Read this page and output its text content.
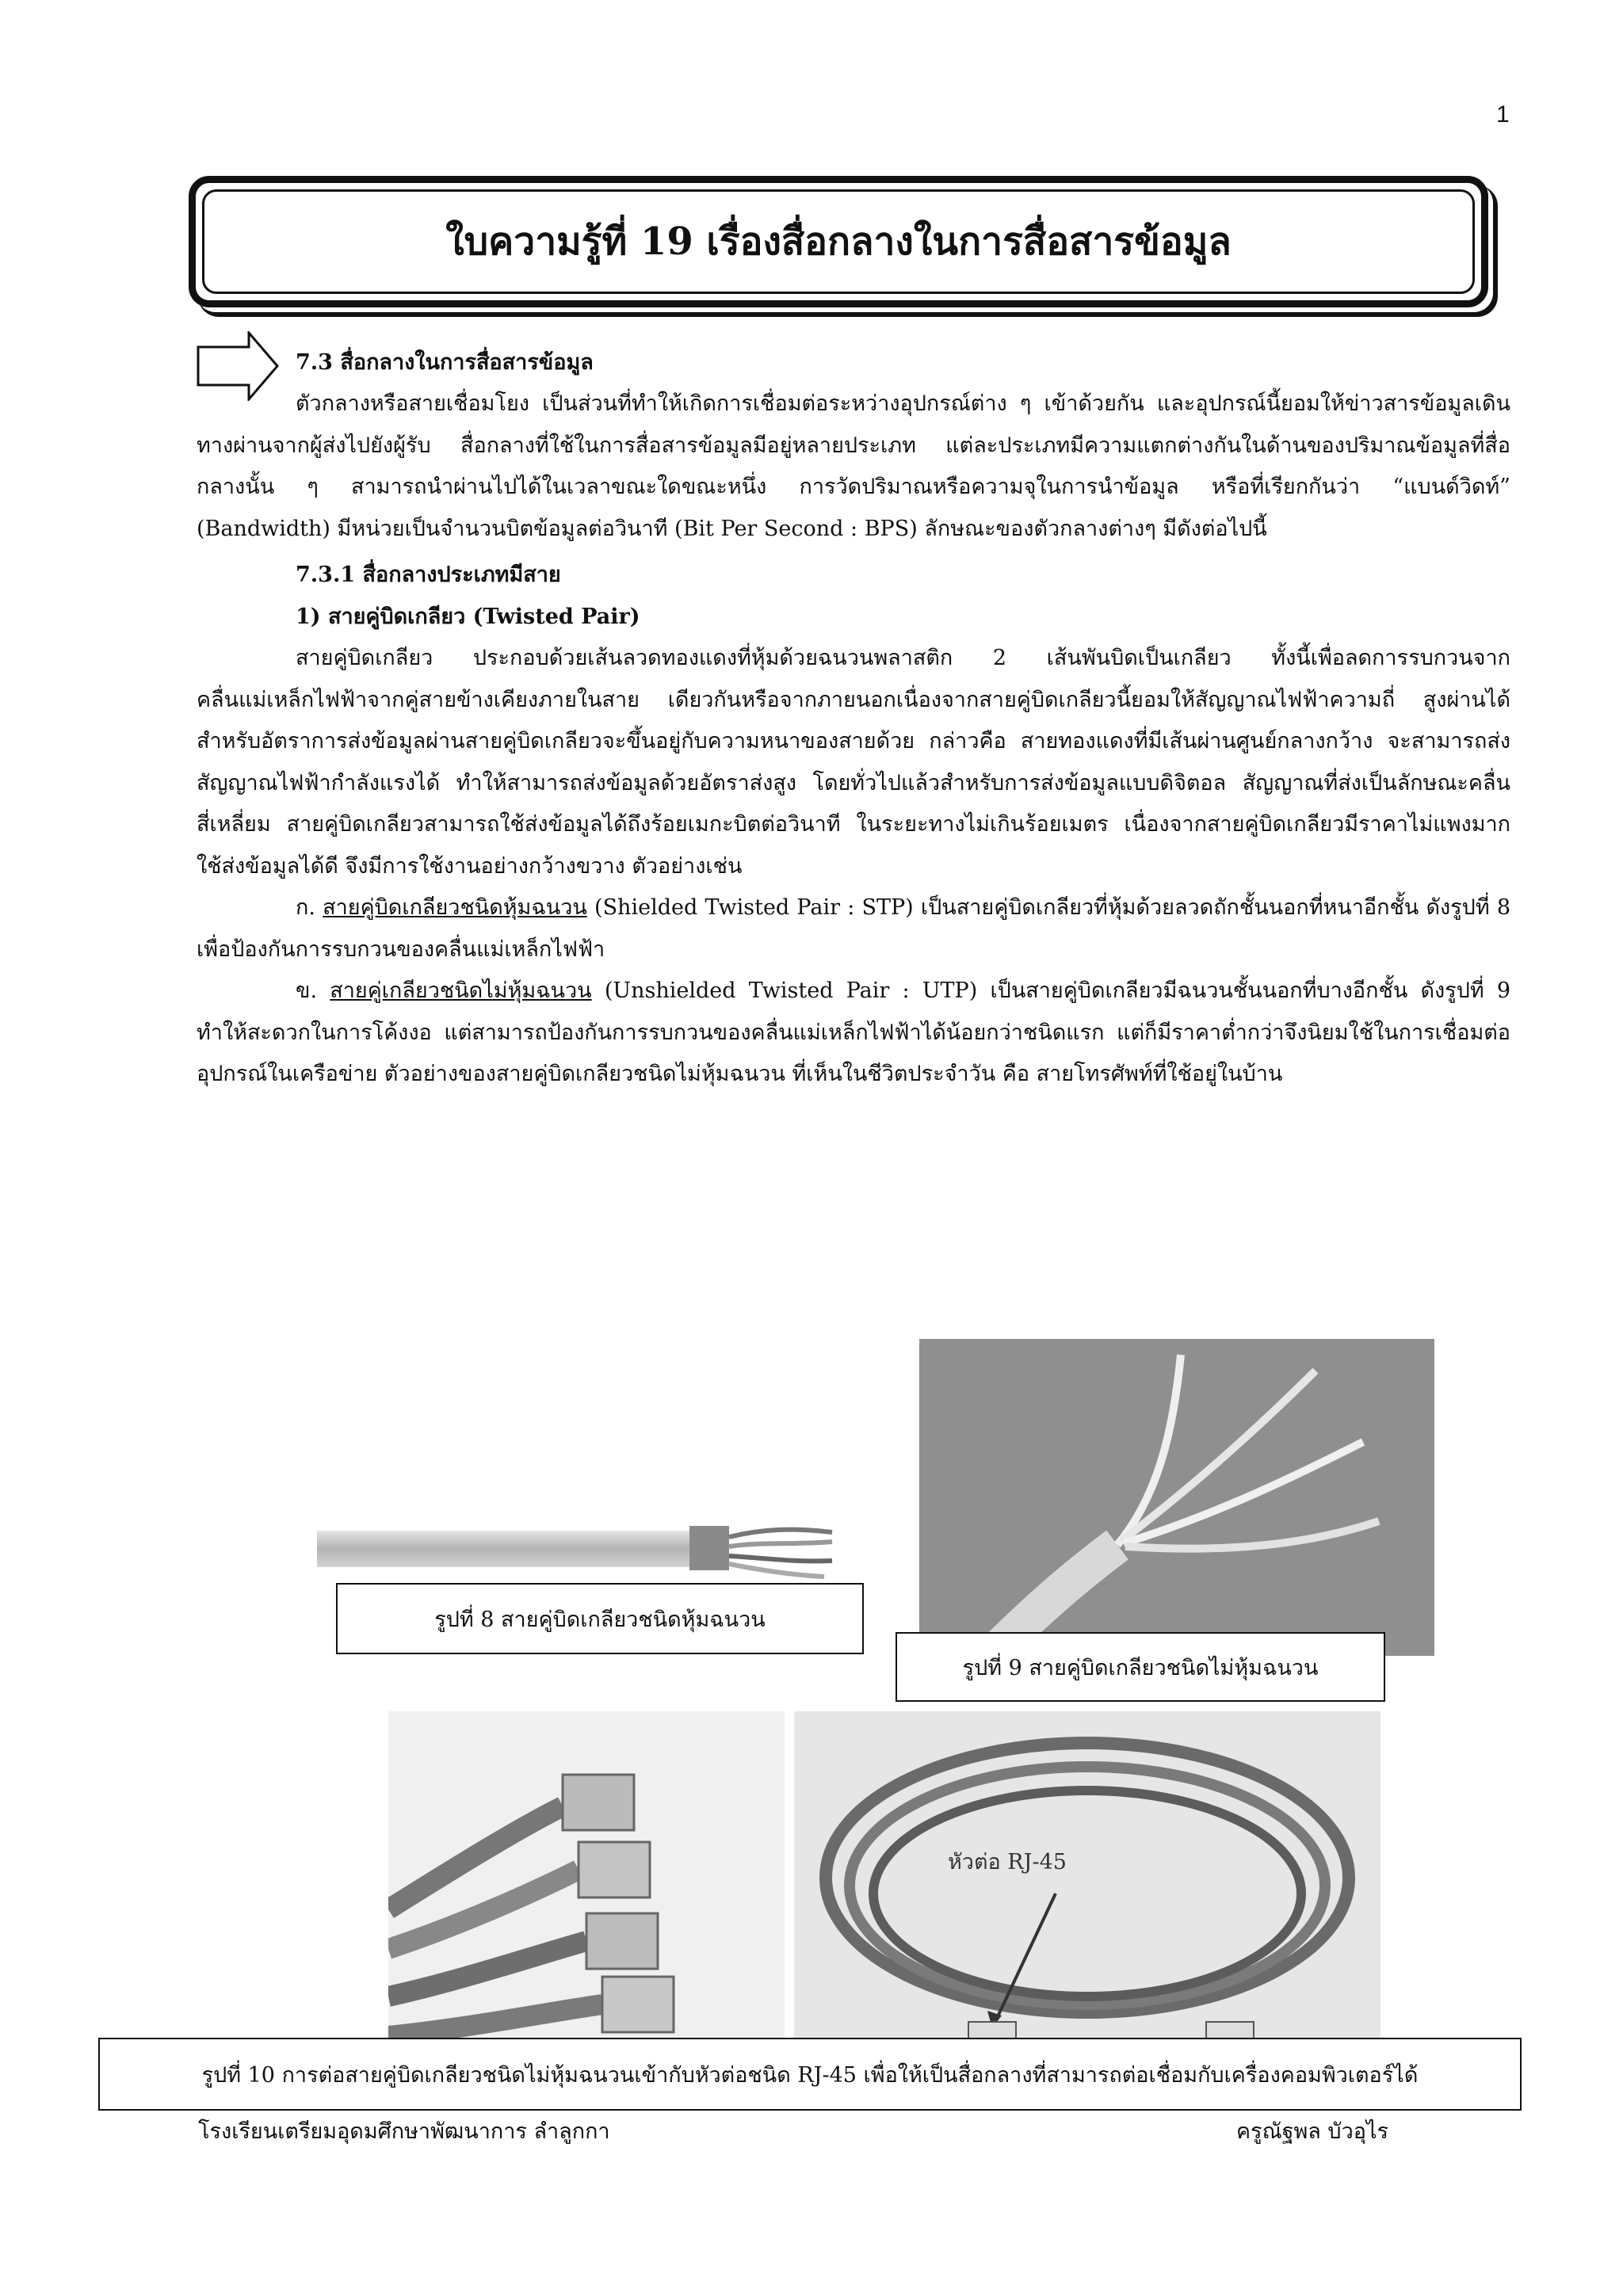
1
ใบความรู้ที่ 19 เรื่องสื่อกลางในการสื่อสารข้อมูล
7.3 สื่อกลางในการสื่อสารข้อมูล
ตัวกลางหรือสายเชื่อมโยง เป็นส่วนที่ทำให้เกิดการเชื่อมต่อระหว่างอุปกรณ์ต่าง ๆ เข้าด้วยกัน และอุปกรณ์นี้ยอมให้ข่าวสารข้อมูลเดินทางผ่านจากผู้ส่งไปยังผู้รับ สื่อกลางที่ใช้ในการสื่อสารข้อมูลมีอยู่หลายประเภท แต่ละประเภทมีความแตกต่างกันในด้านของปริมาณข้อมูลที่สื่อกลางนั้น ๆ สามารถนำผ่านไปได้ในเวลาขณะใดขณะหนึ่ง การวัดปริมาณหรือความจุในการนำข้อมูล หรือที่เรียกกันว่า “แบนด์วิดท์” (Bandwidth) มีหน่วยเป็นจำนวนบิตข้อมูลต่อวินาที (Bit Per Second : BPS) ลักษณะของตัวกลางต่างๆ มีดังต่อไปนี้
7.3.1 สื่อกลางประเภทมีสาย
1) สายคู่บิดเกลียว (Twisted Pair)
สายคู่บิดเกลียว ประกอบด้วยเส้นลวดทองแดงที่หุ้มด้วยฉนวนพลาสติก 2 เส้นพันบิดเป็นเกลียว ทั้งนี้เพื่อลดการรบกวนจากคลื่นแม่เหล็กไฟฟ้าจากคู่สายข้างเคียงภายในสาย เดียวกันหรือจากภายนอกเนื่องจากสายคู่บิดเกลียวนี้ยอมให้สัญญาณไฟฟ้าความถี่ สูงผ่านได้ สำหรับอัตราการส่งข้อมูลผ่านสายคู่บิดเกลียวจะขึ้นอยู่กับความหนาของสายด้วย กล่าวคือ สายทองแดงที่มีเส้นผ่านศูนย์กลางกว้าง จะสามารถส่งสัญญาณไฟฟ้ากำลังแรงได้ ทำให้สามารถส่งข้อมูลด้วยอัตราส่งสูง โดยทั่วไปแล้วสำหรับการส่งข้อมูลแบบดิจิตอล สัญญาณที่ส่งเป็นลักษณะคลื่นสี่เหลี่ยม สายคู่บิดเกลียวสามารถใช้ส่งข้อมูลได้ถึงร้อยเมกะบิตต่อวินาที ในระยะทางไม่เกินร้อยเมตร เนื่องจากสายคู่บิดเกลียวมีราคาไม่แพงมาก ใช้ส่งข้อมูลได้ดี จึงมีการใช้งานอย่างกว้างขวาง ตัวอย่างเช่น
ก. สายคู่บิดเกลียวชนิดหุ้มฉนวน (Shielded Twisted Pair : STP) เป็นสายคู่บิดเกลียวที่หุ้มด้วยลวดถักชั้นนอกที่หนาอีกชั้น ดังรูปที่ 8 เพื่อป้องกันการรบกวนของคลื่นแม่เหล็กไฟฟ้า
ข. สายคู่เกลียวชนิดไม่หุ้มฉนวน (Unshielded Twisted Pair : UTP) เป็นสายคู่บิดเกลียวมีฉนวนชั้นนอกที่บางอีกชั้น ดังรูปที่ 9 ทำให้สะดวกในการโค้งงอ แต่สามารถป้องกันการรบกวนของคลื่นแม่เหล็กไฟฟ้าได้น้อยกว่าชนิดแรก แต่ก็มีราคาต่ำกว่าจึงนิยมใช้ในการเชื่อมต่ออุปกรณ์ในเครือข่าย ตัวอย่างของสายคู่บิดเกลียวชนิดไม่หุ้มฉนวน ที่เห็นในชีวิตประจำวัน คือ สายโทรศัพท์ที่ใช้อยู่ในบ้าน
รูปที่ 8 สายคู่บิดเกลียวชนิดหุ้มฉนวน
รูปที่ 9 สายคู่บิดเกลียวชนิดไม่หุ้มฉนวน
หัวต่อ RJ-45
รูปที่ 10 การต่อสายคู่บิดเกลียวชนิดไม่หุ้มฉนวนเข้ากับหัวต่อชนิด RJ-45 เพื่อให้เป็นสื่อกลางที่สามารถต่อเชื่อมกับเครื่องคอมพิวเตอร์ได้
โรงเรียนเตรียมอุดมศึกษาพัฒนาการ ลำลูกกา	ครูณัฐพล บัวอุไร
